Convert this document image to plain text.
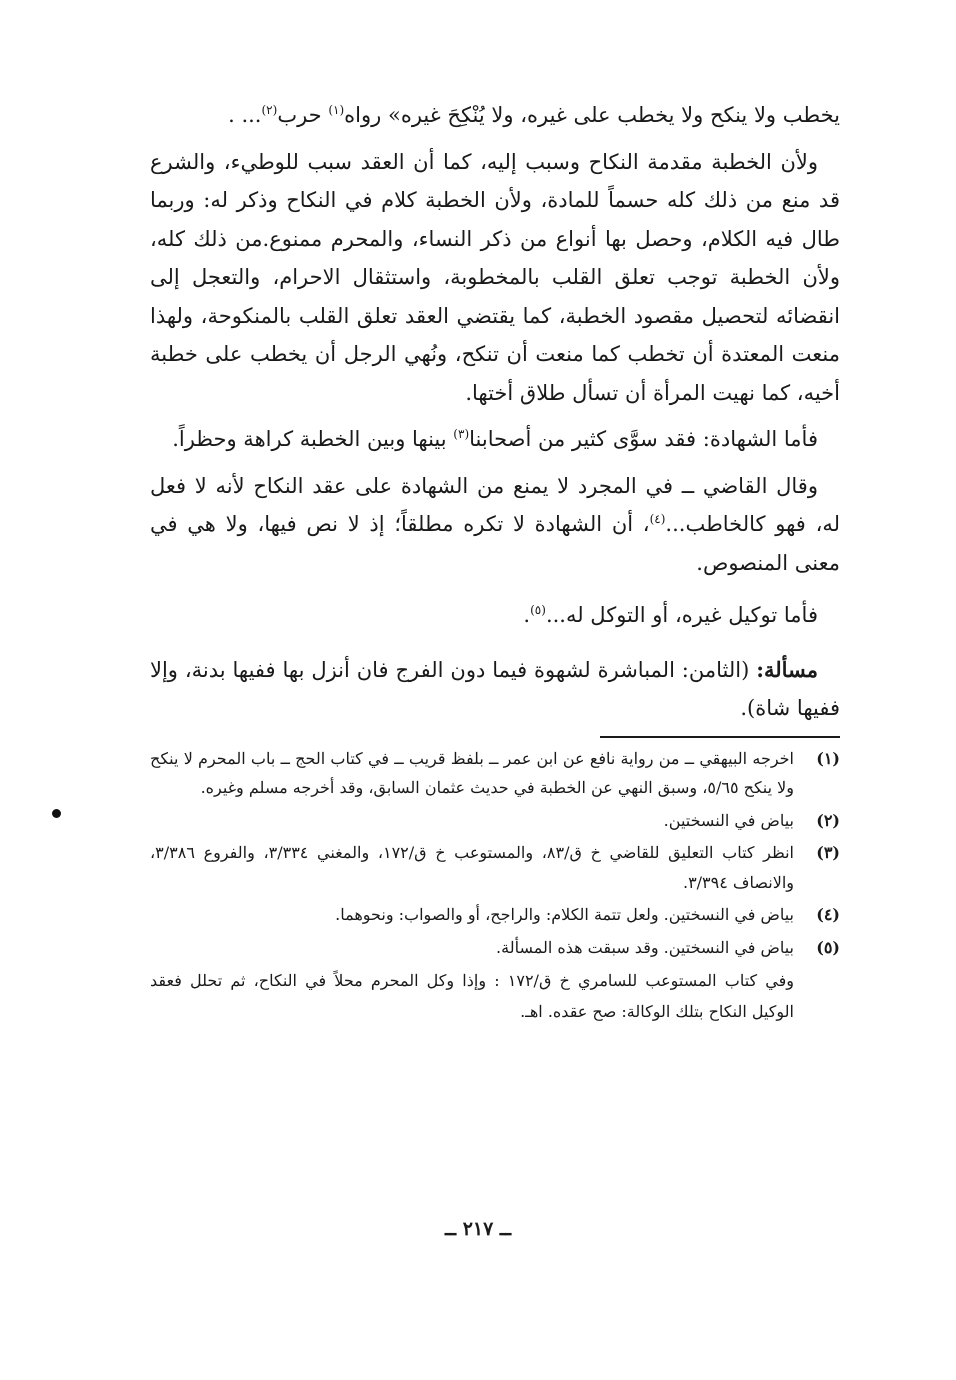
يخطب ولا ينكح ولا يخطب على غيره، ولا يُنْكِحَ غيره» رواه$^{(١)}$ حرب$^{(٢)}$... .

ولأن الخطبة مقدمة النكاح وسبب إليه، كما أن العقد سبب للوطيء، والشرع قد منع من ذلك كله حسماً للمادة، ولأن الخطبة كلام في النكاح وذكر له: وربما طال فيه الكلام، وحصل بها أنواع من ذكر النساء، والمحرم ممنوع.من ذلك كله، ولأن الخطبة توجب تعلق القلب بالمخطوبة، واستثقال الاحرام، والتعجل إلى انقضائه لتحصيل مقصود الخطبة، كما يقتضي العقد تعلق القلب بالمنكوحة، ولهذا منعت المعتدة أن تخطب كما منعت أن تنكح، ونُهي الرجل أن يخطب على خطبة أخيه، كما نهيت المرأة أن تسأل طلاق أختها.

فأما الشهادة: فقد سوَّى كثير من أصحابنا$^{(٣)}$ بينها وبين الخطبة كراهة وحظراً.

وقال القاضي ــ في المجرد لا يمنع من الشهادة على عقد النكاح لأنه لا فعل له، فهو كالخاطب...$^{(٤)}$، أن الشهادة لا تكره مطلقاً؛ إذ لا نص فيها، ولا هي في معنى المنصوص.

فأما توكيل غيره، أو التوكل له...$^{(٥)}$.

مسألة: (الثامن: المباشرة لشهوة فيما دون الفرج فان أنزل بها ففيها بدنة، وإلا ففيها شاة).

(١)
اخرجه البيهقي ــ من رواية نافع عن ابن عمر ــ بلفظ قريب ــ في كتاب الحج ــ باب المحرم لا ينكح ولا ينكح ٥/٦٥، وسبق النهي عن الخطبة في حديث عثمان السابق، وقد أخرجه مسلم وغيره.
(٢)
بياض في النسختين.
(٣)
انظر كتاب التعليق للقاضي خ ق/٨٣، والمستوعب خ ق/١٧٢، والمغني ٣/٣٣٤، والفروع ٣/٣٨٦، والانصاف ٣/٣٩٤.
(٤)
بياض في النسختين. ولعل تتمة الكلام: والراجح، أو والصواب: ونحوهما.
(٥)
بياض في النسختين. وقد سبقت هذه المسألة.
وفي كتاب المستوعب للسامري خ ق/١٧٢ : وإذا وكل المحرم محلاً في النكاح، ثم تحلل فعقد الوكيل النكاح بتلك الوكالة: صح عقده. اهـ.
ــ ٢١٧ ــ
